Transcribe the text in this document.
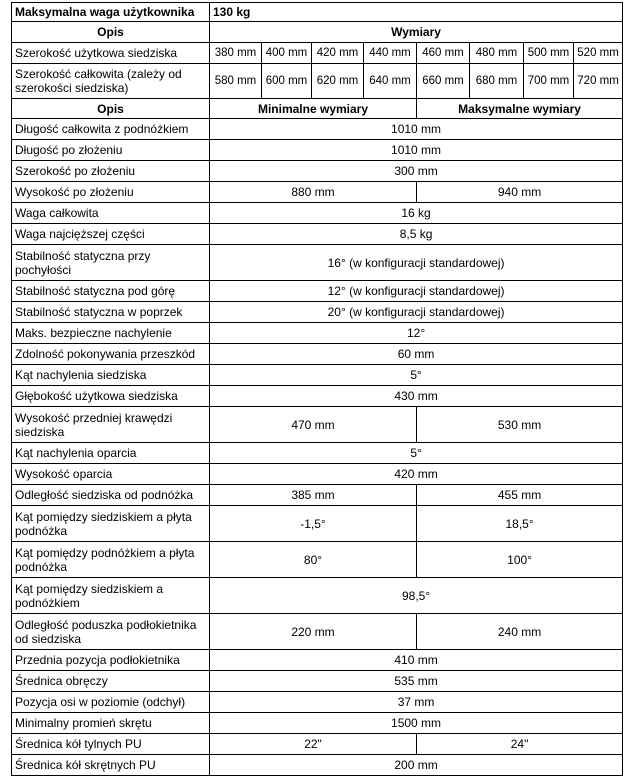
Maksymalna waga użytkownika	130 kg							
Opis	Wymiary							
Szerokość użytkowa siedziska	380 mm	400 mm	420 mm	440 mm	460 mm	480 mm	500 mm	520 mm
Szerokość całkowita (zależy od szerokości siedziska)	580 mm	600 mm	620 mm	640 mm	660 mm	680 mm	700 mm	720 mm
Opis	Minimalne wymiary				Maksymalne wymiary			
Długość całkowita z podnóżkiem	1010 mm							
Długość po złożeniu	1010 mm							
Szerokość po złożeniu	300 mm							
Wysokość po złożeniu	880 mm				940 mm			
Waga całkowita	16 kg							
Waga najcięższej części	8,5 kg							
Stabilność statyczna przy pochyłości	16° (w konfiguracji standardowej)							
Stabilność statyczna pod górę	12° (w konfiguracji standardowej)							
Stabilność statyczna w poprzek	20° (w konfiguracji standardowej)							
Maks. bezpieczne nachylenie	12°							
Zdolność pokonywania przeszkód	60 mm							
Kąt nachylenia siedziska	5°							
Głębokość użytkowa siedziska	430 mm							
Wysokość przedniej krawędzi siedziska	470 mm				530 mm			
Kąt nachylenia oparcia	5°							
Wysokość oparcia	420 mm							
Odległość siedziska od podnóżka	385 mm				455 mm			
Kąt pomiędzy siedziskiem a płyta podnóżka	-1,5°				18,5°			
Kąt pomiędzy podnóżkiem a płyta podnóżka	80°				100°			
Kąt pomiędzy siedziskiem a podnóżkiem	98,5°							
Odległość poduszka podłokietnika od siedziska	220 mm				240 mm			
Przednia pozycja podłokietnika	410 mm							
Średnica obręczy	535 mm							
Pozycja osi w poziomie (odchył)	37 mm							
Minimalny promień skrętu	1500 mm							
Średnica kół tylnych PU	22"				24"			
Średnica kół skrętnych PU	200 mm							
